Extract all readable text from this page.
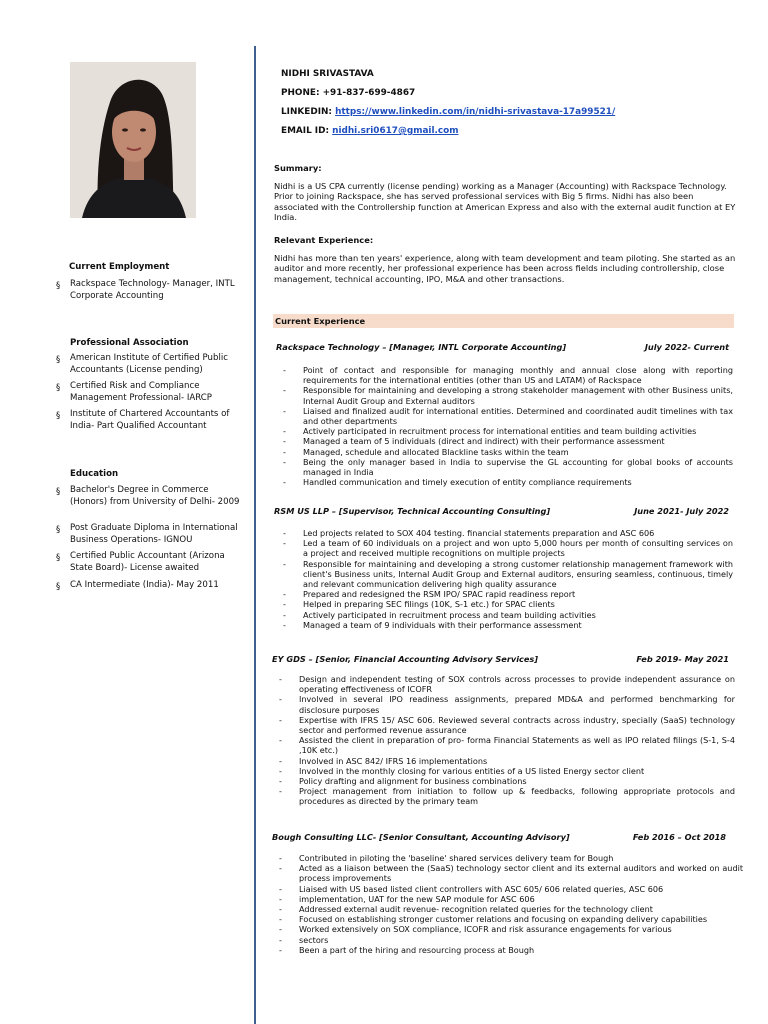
Current Employment
§ Rackspace Technology- Manager, INTL Corporate Accounting
Professional Association
§ American Institute of Certified Public Accountants (License pending)
§ Certified Risk and Compliance Management Professional- IARCP
§ Institute of Chartered Accountants of India- Part Qualified Accountant
Education
§ Bachelor's Degree in Commerce (Honors) from University of Delhi- 2009
§ Post Graduate Diploma in International Business Operations- IGNOU
§ Certified Public Accountant (Arizona State Board)- License awaited
§ CA Intermediate (India)- May 2011
NIDHI SRIVASTAVA
PHONE: +91-837-699-4867
LINKEDIN: https://www.linkedin.com/in/nidhi-srivastava-17a99521/
EMAIL ID: nidhi.sri0617@gmail.com
Summary:
Nidhi is a US CPA currently (license pending) working as a Manager (Accounting) with Rackspace Technology. Prior to joining Rackspace, she has served professional services with Big 5 firms. Nidhi has also been associated with the Controllership function at American Express and also with the external audit function at EY India.
Relevant Experience:
Nidhi has more than ten years' experience, along with team development and team piloting. She started as an auditor and more recently, her professional experience has been across fields including controllership, close management, technical accounting, IPO, M&A and other transactions.
Current Experience
Rackspace Technology – [Manager, INTL Corporate Accounting]	July 2022- Current
- Point of contact and responsible for managing monthly and annual close along with reporting requirements for the international entities (other than US and LATAM) of Rackspace
- Responsible for maintaining and developing a strong stakeholder management with other Business units, Internal Audit Group and External auditors
- Liaised and finalized audit for international entities. Determined and coordinated audit timelines with tax and other departments
- Actively participated in recruitment process for international entities and team building activities
- Managed a team of 5 individuals (direct and indirect) with their performance assessment
- Managed, schedule and allocated Blackline tasks within the team
- Being the only manager based in India to supervise the GL accounting for global books of accounts managed in India
- Handled communication and timely execution of entity compliance requirements
RSM US LLP – [Supervisor, Technical Accounting Consulting]	June 2021- July 2022
- Led projects related to SOX 404 testing. financial statements preparation and ASC 606
- Led a team of 60 individuals on a project and won upto 5,000 hours per month of consulting services on a project and received multiple recognitions on multiple projects
- Responsible for maintaining and developing a strong customer relationship management framework with client's Business units, Internal Audit Group and External auditors, ensuring seamless, continuous, timely and relevant communication delivering high quality assurance
- Prepared and redesigned the RSM IPO/ SPAC rapid readiness report
- Helped in preparing SEC filings (10K, S-1 etc.) for SPAC clients
- Actively participated in recruitment process and team building activities
- Managed a team of 9 individuals with their performance assessment
EY GDS – [Senior, Financial Accounting Advisory Services]	Feb 2019- May 2021
- Design and independent testing of SOX controls across processes to provide independent assurance on operating effectiveness of ICOFR
- Involved in several IPO readiness assignments, prepared MD&A and performed benchmarking for disclosure purposes
- Expertise with IFRS 15/ ASC 606. Reviewed several contracts across industry, specially (SaaS) technology sector and performed revenue assurance
- Assisted the client in preparation of pro- forma Financial Statements as well as IPO related filings (S-1, S-4 ,10K etc.)
- Involved in ASC 842/ IFRS 16 implementations
- Involved in the monthly closing for various entities of a US listed Energy sector client
- Policy drafting and alignment for business combinations
- Project management from initiation to follow up & feedbacks, following appropriate protocols and procedures as directed by the primary team
Bough Consulting LLC- [Senior Consultant, Accounting Advisory]	Feb 2016 – Oct 2018
- Contributed in piloting the 'baseline' shared services delivery team for Bough
- Acted as a liaison between the (SaaS) technology sector client and its external auditors and worked on audit process improvements
- Liaised with US based listed client controllers with ASC 605/ 606 related queries, ASC 606
- implementation, UAT for the new SAP module for ASC 606
- Addressed external audit revenue- recognition related queries for the technology client
- Focused on establishing stronger customer relations and focusing on expanding delivery capabilities
- Worked extensively on SOX compliance, ICOFR and risk assurance engagements for various
- sectors
- Been a part of the hiring and resourcing process at Bough
